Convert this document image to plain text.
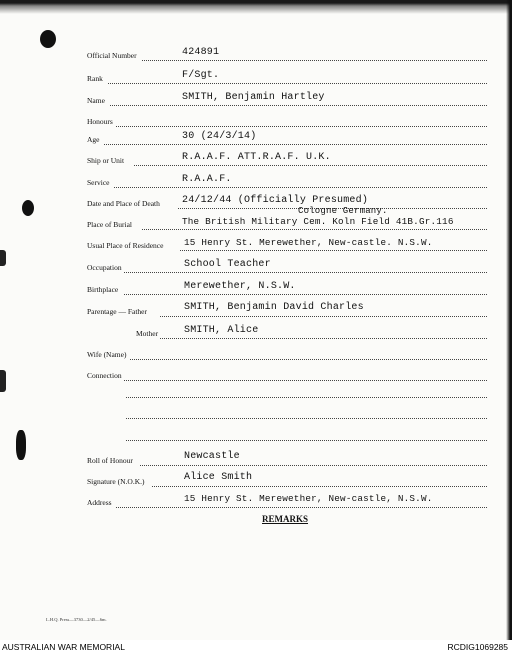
Official Number	424891
Rank	F/Sgt.
Name	SMITH, Benjamin Hartley
Honours
Age	30 (24/3/14)
Ship or Unit	R.A.A.F. ATT.R.A.F. U.K.
Service	R.A.A.F.
Date and Place of Death 24/12/44 (Officially Presumed)
Cologne Germany.
Place of Burial	The British Military Cem. Koln Field 41B.Gr.116
Usual Place of Residence 15 Henry St. Merewether, New-castle. N.S.W.
Occupation	School Teacher
Birthplace	Merewether, N.S.W.
Parentage — Father	SMITH, Benjamin David Charles
Mother	SMITH, Alice
Wife (Name)
Connection
Roll of Honour	Newcastle
Signature (N.O.K.)	Alice Smith
Address	15 Henry St. Merewether, New-castle, N.S.W.
REMARKS
L.H.Q. Press—3730—2/45—6m.
AUSTRALIAN WAR MEMORIAL	RCDIG1069285
